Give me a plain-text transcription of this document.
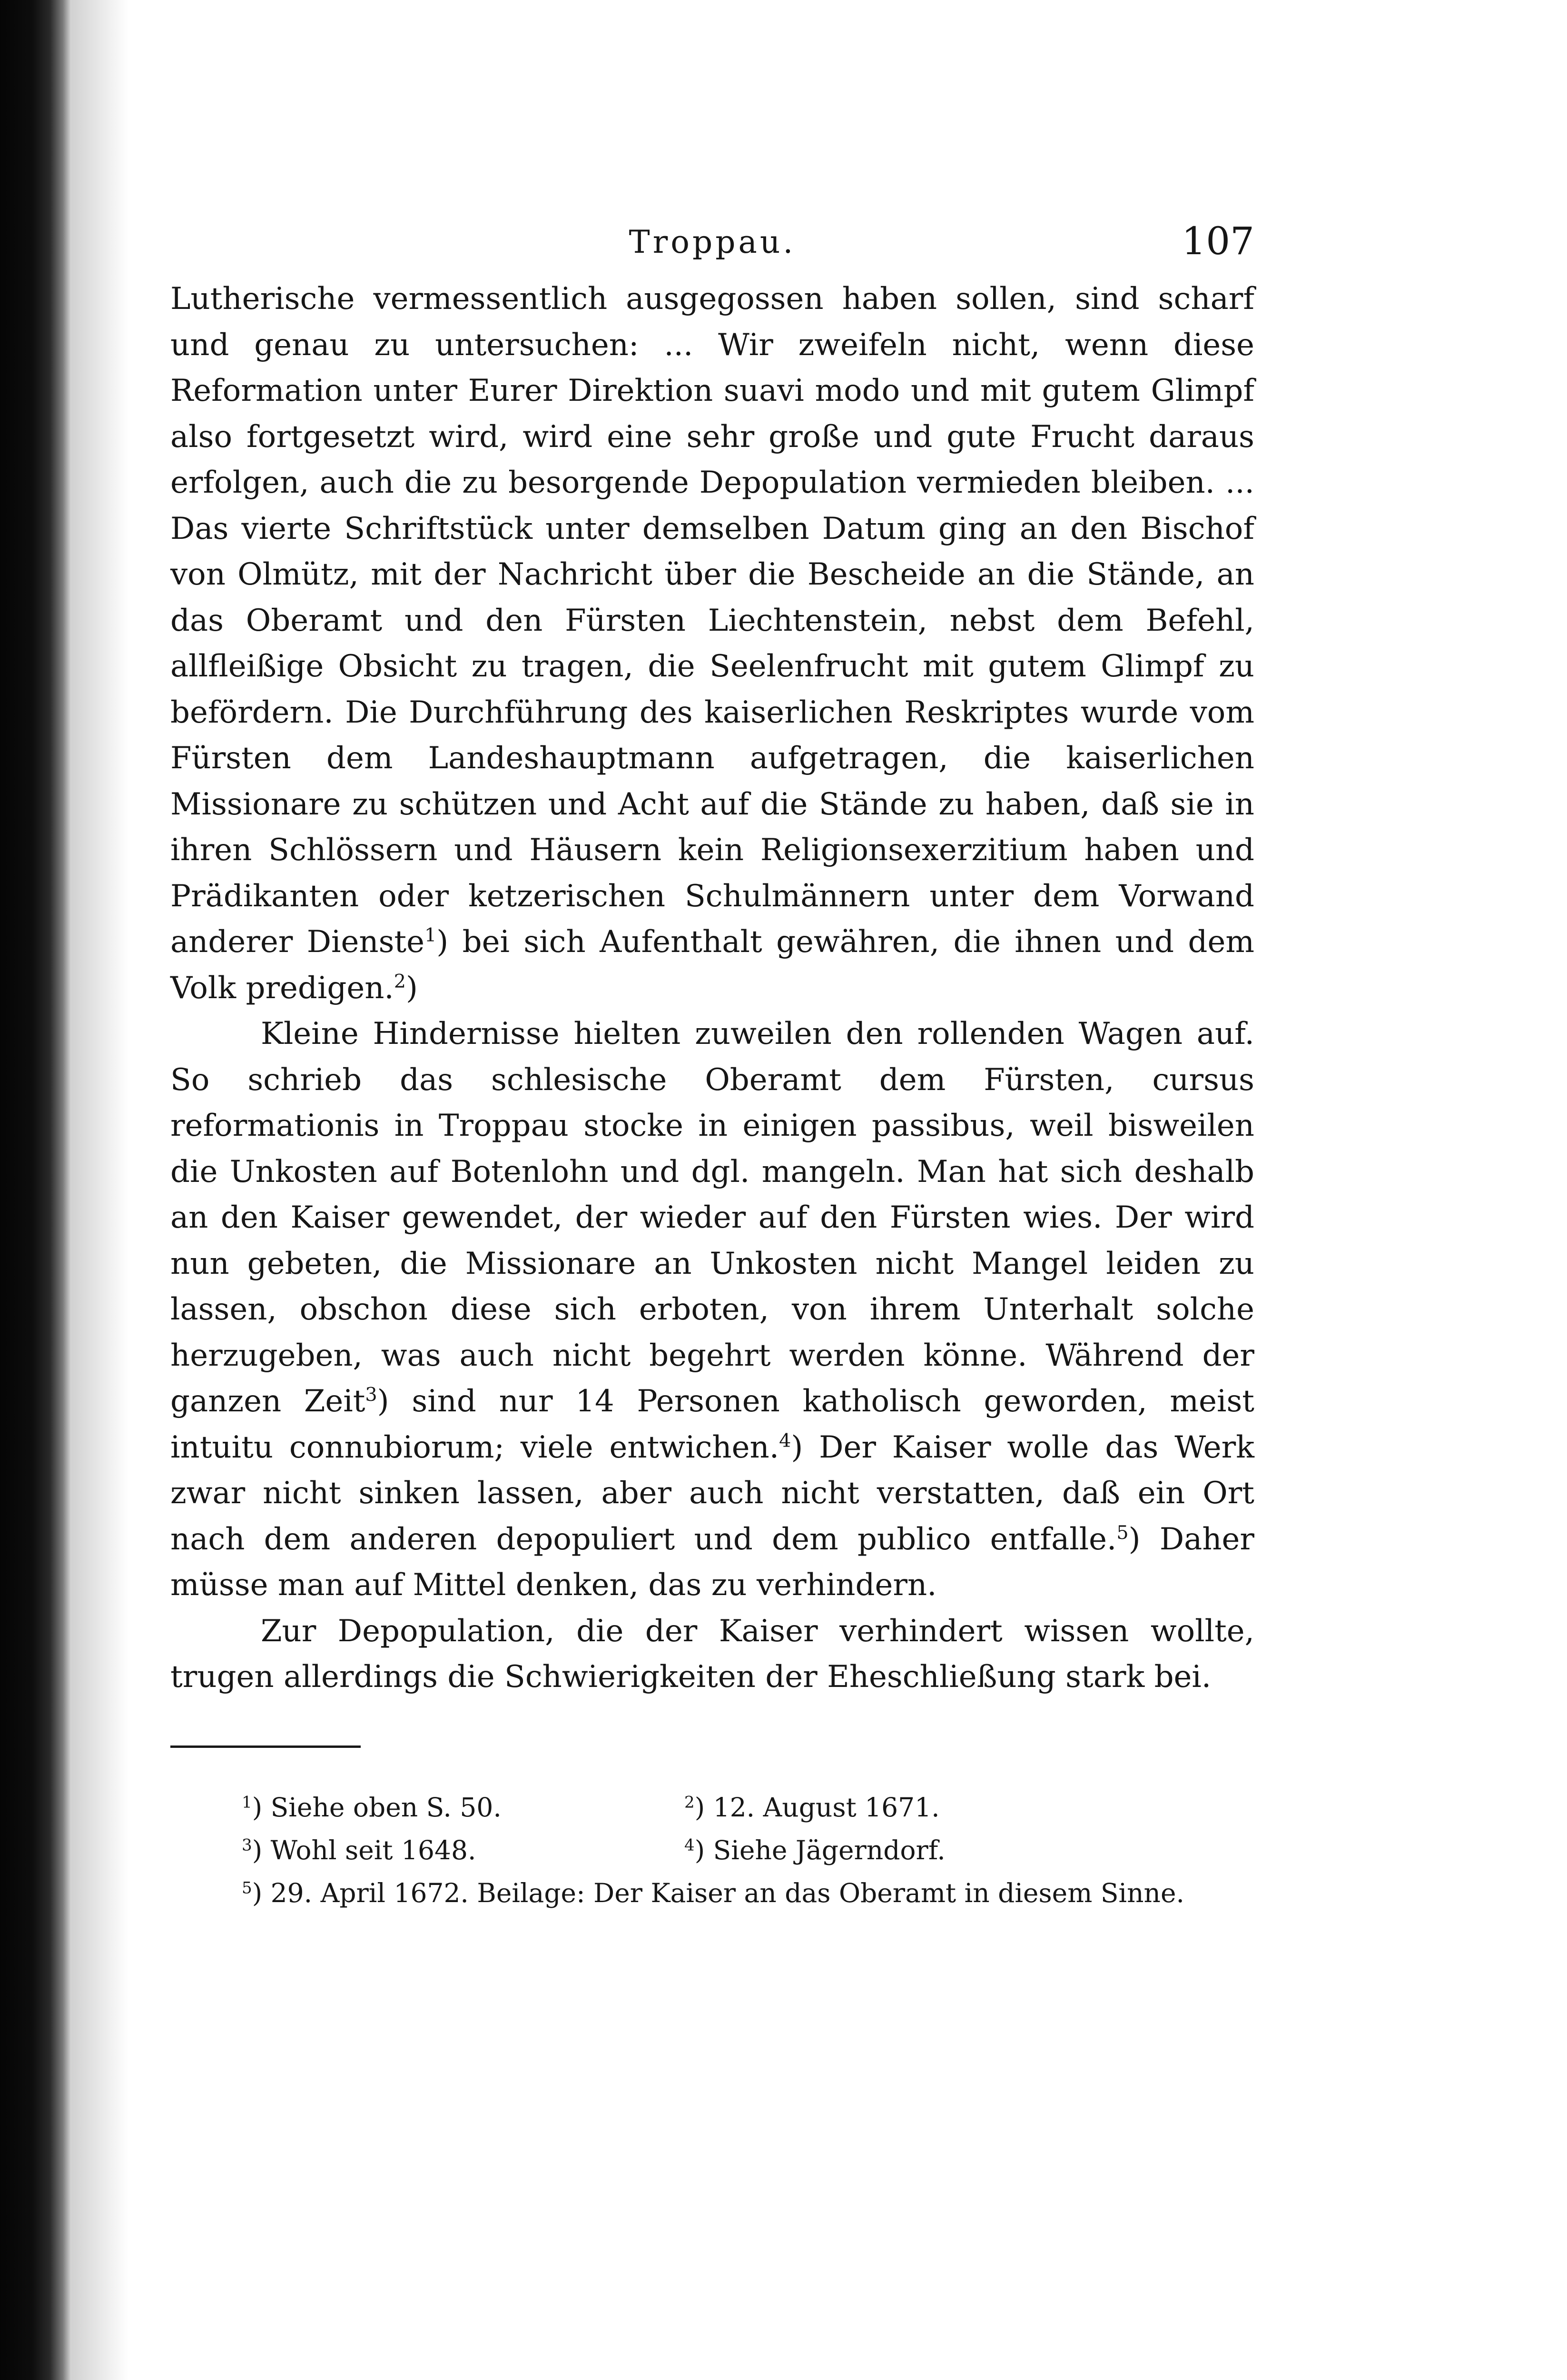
Troppau.	107

Lutherische vermessentlich ausgegossen haben sollen, sind scharf und genau zu untersuchen: ... Wir zweifeln nicht, wenn diese Reformation unter Eurer Direktion suavi modo und mit gutem Glimpf also fortgesetzt wird, wird eine sehr große und gute Frucht daraus erfolgen, auch die zu besorgende Depopulation vermieden bleiben. ... Das vierte Schriftstück unter demselben Datum ging an den Bischof von Olmütz, mit der Nachricht über die Bescheide an die Stände, an das Oberamt und den Fürsten Liechtenstein, nebst dem Befehl, allfleißige Obsicht zu tragen, die Seelenfrucht mit gutem Glimpf zu befördern. Die Durchführung des kaiserlichen Reskriptes wurde vom Fürsten dem Landeshauptmann aufgetragen, die kaiserlichen Missionare zu schützen und Acht auf die Stände zu haben, daß sie in ihren Schlössern und Häusern kein Religionsexerzitium haben und Prädikanten oder ketzerischen Schulmännern unter dem Vorwand anderer Dienste$^1$) bei sich Aufenthalt gewähren, die ihnen und dem Volk predigen.$^2$)

Kleine Hindernisse hielten zuweilen den rollenden Wagen auf. So schrieb das schlesische Oberamt dem Fürsten, cursus reformationis in Troppau stocke in einigen passibus, weil bisweilen die Unkosten auf Botenlohn und dgl. mangeln. Man hat sich deshalb an den Kaiser gewendet, der wieder auf den Fürsten wies. Der wird nun gebeten, die Missionare an Unkosten nicht Mangel leiden zu lassen, obschon diese sich erboten, von ihrem Unterhalt solche herzugeben, was auch nicht begehrt werden könne. Während der ganzen Zeit$^3$) sind nur 14 Personen katholisch geworden, meist intuitu connubiorum; viele entwichen.$^4$) Der Kaiser wolle das Werk zwar nicht sinken lassen, aber auch nicht verstatten, daß ein Ort nach dem anderen depopuliert und dem publico entfalle.$^5$) Daher müsse man auf Mittel denken, das zu verhindern.

Zur Depopulation, die der Kaiser verhindert wissen wollte, trugen allerdings die Schwierigkeiten der Eheschließung stark bei.

$^1$) Siehe oben S. 50.	$^2$) 12. August 1671.
$^3$) Wohl seit 1648.	$^4$) Siehe Jägerndorf.
$^5$) 29. April 1672. Beilage: Der Kaiser an das Oberamt in diesem Sinne.
